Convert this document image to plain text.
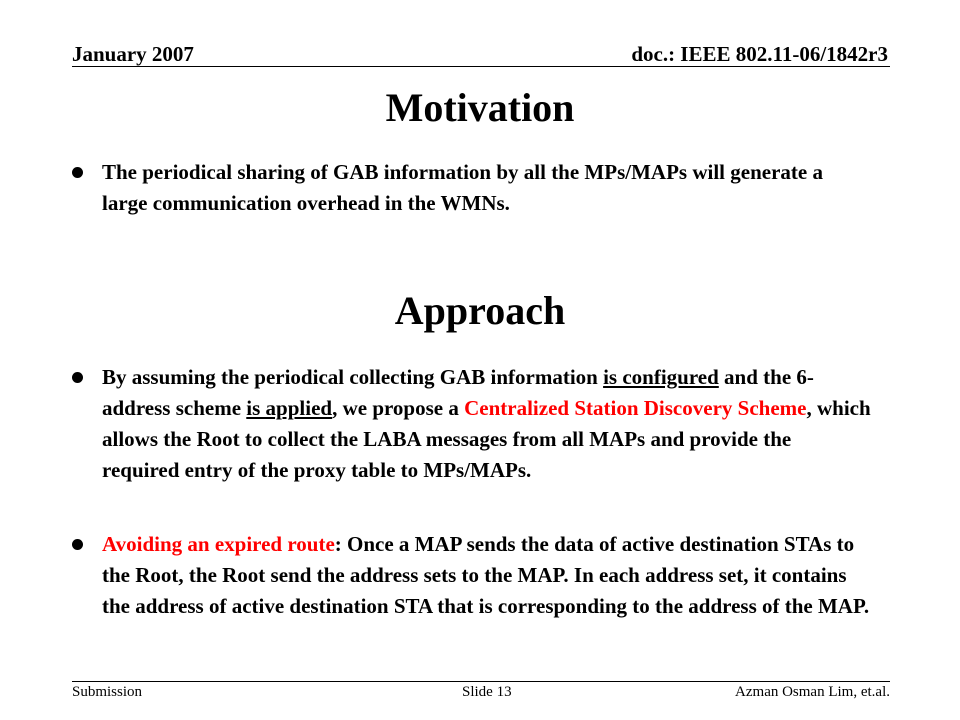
January 2007	doc.: IEEE 802.11-06/1842r3
Motivation
The periodical sharing of GAB information by all the MPs/MAPs will generate a large communication overhead in the WMNs.
Approach
By assuming the periodical collecting GAB information is configured and the 6-address scheme is applied, we propose a Centralized Station Discovery Scheme, which allows the Root to collect the LABA messages from all MAPs and provide the required entry of the proxy table to MPs/MAPs.
Avoiding an expired route: Once a MAP sends the data of active destination STAs to the Root, the Root send the address sets to the MAP. In each address set, it contains the address of active destination STA that is corresponding to the address of the MAP.
Submission	Slide 13	Azman Osman Lim, et.al.
